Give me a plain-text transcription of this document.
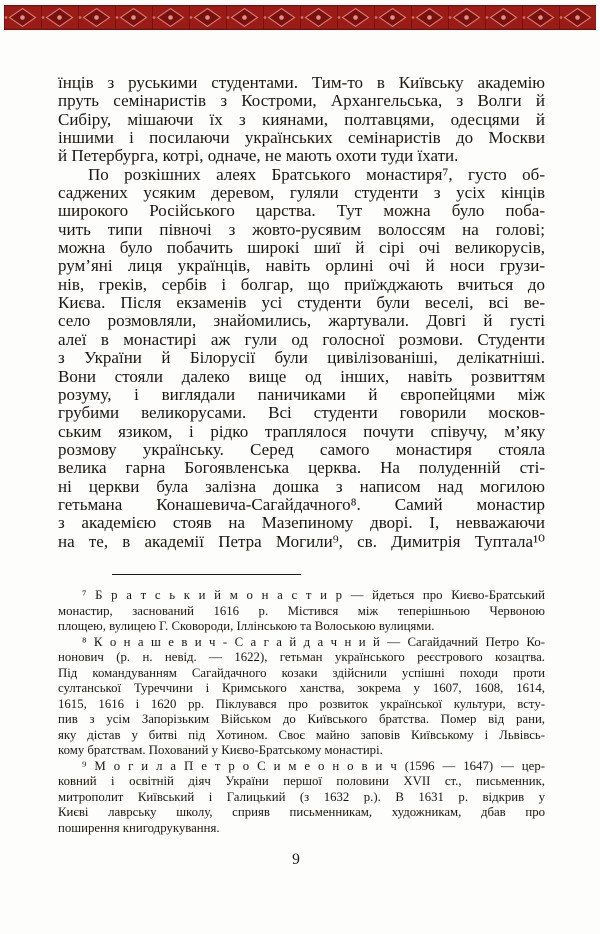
їнців з руськими студентами. Тим-то в Київську академію
пруть семінаристів з Костроми, Архангельська, з Волги й
Сибіру, мішаючи їх з киянами, полтавцями, одесцями й
іншими і посилаючи українських семінаристів до Москви
й Петербурга, котрі, одначе, не мають охоти туди їхати.
По розкішних алеях Братського монастиря⁷, густо об-
саджених усяким деревом, гуляли студенти з усіх кінців
широкого Російського царства. Тут можна було поба-
чить типи півночі з жовто-русявим волоссям на голові;
можна було побачить широкі шиї й сірі очі великорусів,
рум’яні лиця українців, навіть орлині очі й носи грузи-
нів, греків, сербів і болгар, що приїжджають вчиться до
Києва. Після екзаменів усі студенти були веселі, всі ве-
село розмовляли, знайомились, жартували. Довгі й густі
алеї в монастирі аж гули од голосної розмови. Студенти
з України й Білорусії були цивілізованіші, делікатніші.
Вони стояли далеко вище од інших, навіть розвиттям
розуму, і виглядали паничиками й європейцями між
грубими великорусами. Всі студенти говорили москов-
ським язиком, і рідко траплялося почути співучу, м’яку
розмову українську. Серед самого монастиря стояла
велика гарна Богоявленська церква. На полуденній сті-
ні церкви була залізна дошка з написом над могилою
гетьмана Конашевича-Сагайдачного⁸. Самий монастир
з академією стояв на Мазепиному дворі. І, невважаючи
на те, в академії Петра Могили⁹, св. Димитрія Туптала¹⁰
⁷ Б р а т с ь к и й м о н а с т и р — йдеться про Києво-Братський
монастир, заснований 1616 р. Містився між теперішньою Червоною
площею, вулицею Г. Сковороди, Іллінською та Волоською вулицями.
⁸ К о н а ш е в и ч - С а г а й д а ч н и й — Сагайдачний Петро Ко-
нонович (р. н. невід. — 1622), гетьман українського реєстрового козацтва.
Під командуванням Сагайдачного козаки здійснили успішні походи проти
султанської Туреччини і Кримського ханства, зокрема у 1607, 1608, 1614,
1615, 1616 і 1620 рр. Піклувався про розвиток української культури, всту-
пив з усім Запорізьким Військом до Київського братства. Помер від рани,
яку дістав у битві під Хотином. Своє майно заповів Київському і Львівсь-
кому братствам. Похований у Києво-Братському монастирі.
⁹ М о г и л а П е т р о С и м е о н о в и ч (1596 — 1647) — цер-
ковний і освітній діяч України першої половини XVII ст., письменник,
митрополит Київський і Галицький (з 1632 р.). В 1631 р. відкрив у
Києві лаврську школу, сприяв письменникам, художникам, дбав про
поширення книгодрукування.
9
